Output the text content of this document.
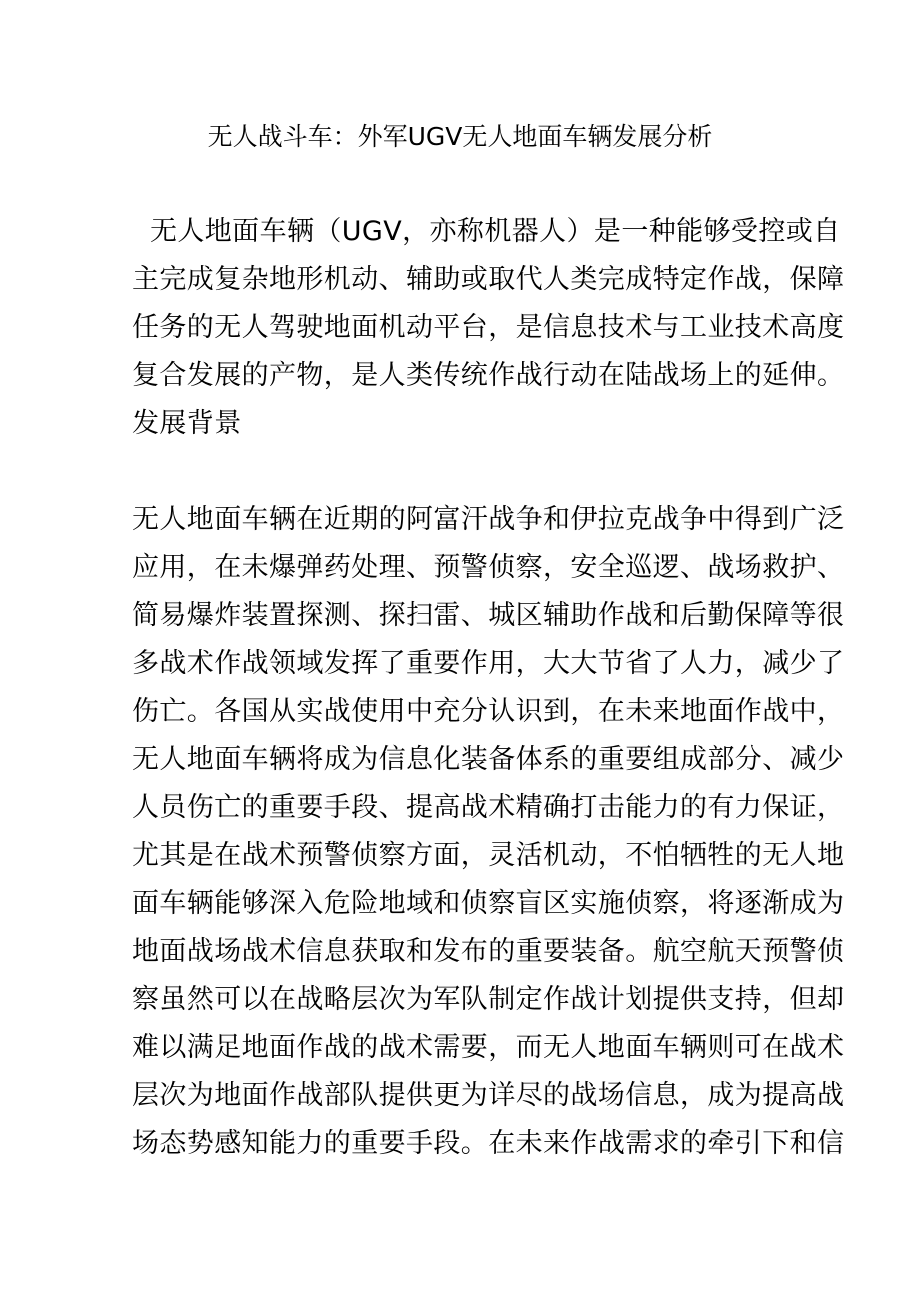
无人战斗车：外军UGV无人地面车辆发展分析
无人地面车辆（UGV，亦称机器人）是一种能够受控或自
主完成复杂地形机动、辅助或取代人类完成特定作战，保障
任务的无人驾驶地面机动平台，是信息技术与工业技术高度
复合发展的产物，是人类传统作战行动在陆战场上的延伸。
发展背景
无人地面车辆在近期的阿富汗战争和伊拉克战争中得到广泛
应用，在未爆弹药处理、预警侦察，安全巡逻、战场救护、
简易爆炸装置探测、探扫雷、城区辅助作战和后勤保障等很
多战术作战领域发挥了重要作用，大大节省了人力，减少了
伤亡。各国从实战使用中充分认识到，在未来地面作战中，
无人地面车辆将成为信息化装备体系的重要组成部分、减少
人员伤亡的重要手段、提高战术精确打击能力的有力保证，
尤其是在战术预警侦察方面，灵活机动，不怕牺牲的无人地
面车辆能够深入危险地域和侦察盲区实施侦察，将逐渐成为
地面战场战术信息获取和发布的重要装备。航空航天预警侦
察虽然可以在战略层次为军队制定作战计划提供支持，但却
难以满足地面作战的战术需要，而无人地面车辆则可在战术
层次为地面作战部队提供更为详尽的战场信息，成为提高战
场态势感知能力的重要手段。在未来作战需求的牵引下和信
